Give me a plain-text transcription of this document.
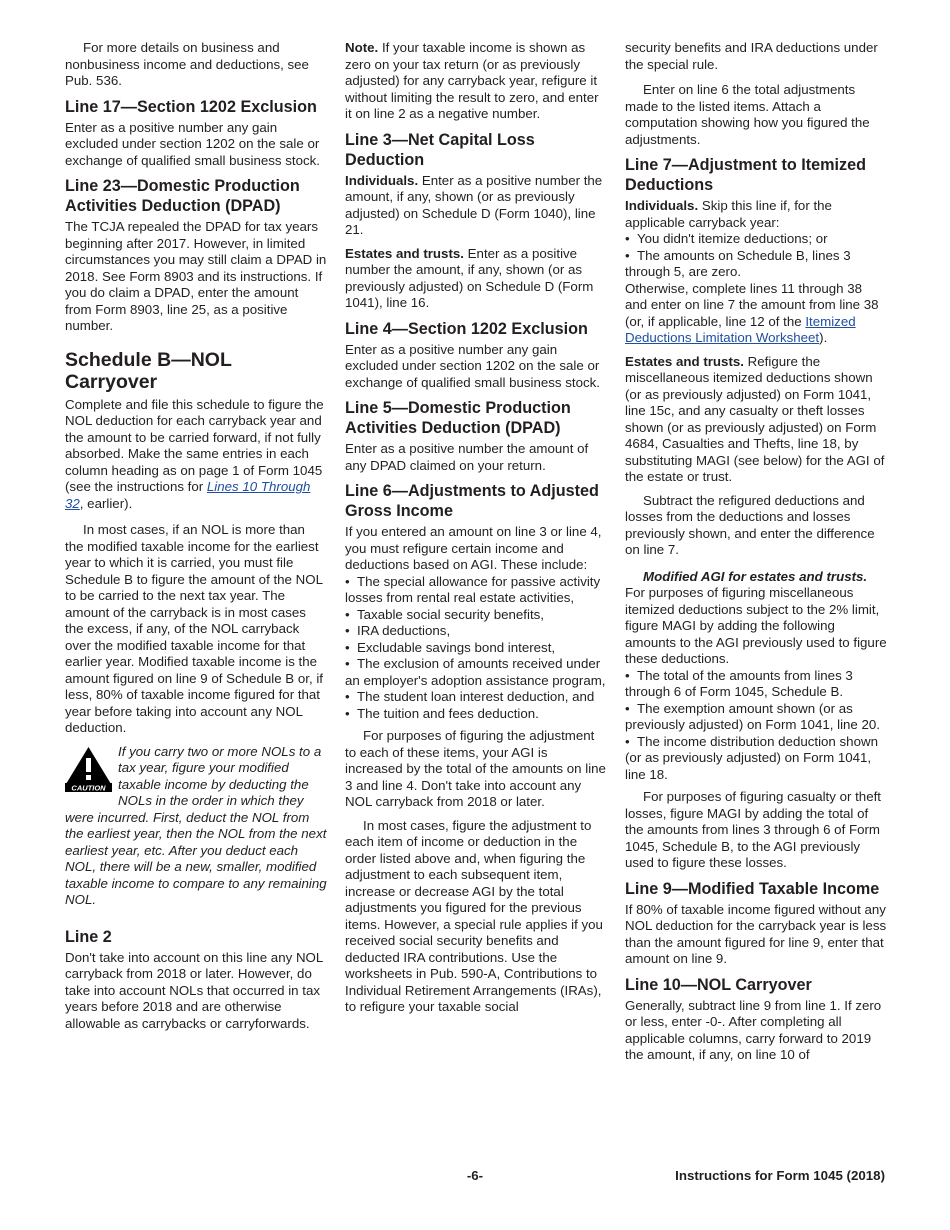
For more details on business and nonbusiness income and deductions, see Pub. 536.

Line 17—Section 1202 Exclusion

Enter as a positive number any gain excluded under section 1202 on the sale or exchange of qualified small business stock.

Line 23—Domestic Production Activities Deduction (DPAD)

The TCJA repealed the DPAD for tax years beginning after 2017. However, in limited circumstances you may still claim a DPAD in 2018. See Form 8903 and its instructions. If you do claim a DPAD, enter the amount from Form 8903, line 25, as a positive number.

Schedule B—NOL Carryover

Complete and file this schedule to figure the NOL deduction for each carryback year and the amount to be carried forward, if not fully absorbed. Make the same entries in each column heading as on page 1 of Form 1045 (see the instructions for Lines 10 Through 32, earlier).

In most cases, if an NOL is more than the modified taxable income for the earliest year to which it is carried, you must file Schedule B to figure the amount of the NOL to be carried to the next tax year. The amount of the carryback is in most cases the excess, if any, of the NOL carryback over the modified taxable income for that earlier year. Modified taxable income is the amount figured on line 9 of Schedule B or, if less, 80% of taxable income figured for that year before taking into account any NOL deduction.

CAUTION
If you carry two or more NOLs to a tax year, figure your modified taxable income by deducting the NOLs in the order in which they were incurred. First, deduct the NOL from the earliest year, then the NOL from the next earliest year, etc. After you deduct each NOL, there will be a new, smaller, modified taxable income to compare to any remaining NOL.
Line 2

Don't take into account on this line any NOL carryback from 2018 or later. However, do take into account NOLs that occurred in tax years before 2018 and are otherwise allowable as carrybacks or carryforwards.

Note. If your taxable income is shown as zero on your tax return (or as previously adjusted) for any carryback year, refigure it without limiting the result to zero, and enter it on line 2 as a negative number.

Line 3—Net Capital Loss Deduction

Individuals. Enter as a positive number the amount, if any, shown (or as previously adjusted) on Schedule D (Form 1040), line 21.

Estates and trusts. Enter as a positive number the amount, if any, shown (or as previously adjusted) on Schedule D (Form 1041), line 16.

Line 4—Section 1202 Exclusion

Enter as a positive number any gain excluded under section 1202 on the sale or exchange of qualified small business stock.

Line 5—Domestic Production Activities Deduction (DPAD)

Enter as a positive number the amount of any DPAD claimed on your return.

Line 6—Adjustments to Adjusted Gross Income

If you entered an amount on line 3 or line 4, you must refigure certain income and deductions based on AGI. These include:

• The special allowance for passive activity losses from rental real estate activities,
• Taxable social security benefits,
• IRA deductions,
• Excludable savings bond interest,
• The exclusion of amounts received under an employer's adoption assistance program,
• The student loan interest deduction, and
• The tuition and fees deduction.

For purposes of figuring the adjustment to each of these items, your AGI is increased by the total of the amounts on line 3 and line 4. Don't take into account any NOL carryback from 2018 or later.

In most cases, figure the adjustment to each item of income or deduction in the order listed above and, when figuring the adjustment to each subsequent item, increase or decrease AGI by the total adjustments you figured for the previous items. However, a special rule applies if you received social security benefits and deducted IRA contributions. Use the worksheets in Pub. 590-A, Contributions to Individual Retirement Arrangements (IRAs), to refigure your taxable social

security benefits and IRA deductions under the special rule.

Enter on line 6 the total adjustments made to the listed items. Attach a computation showing how you figured the adjustments.

Line 7—Adjustment to Itemized Deductions

Individuals. Skip this line if, for the applicable carryback year:

• You didn't itemize deductions; or
• The amounts on Schedule B, lines 3 through 5, are zero.

Otherwise, complete lines 11 through 38 and enter on line 7 the amount from line 38 (or, if applicable, line 12 of the Itemized Deductions Limitation Worksheet).

Estates and trusts. Refigure the miscellaneous itemized deductions shown (or as previously adjusted) on Form 1041, line 15c, and any casualty or theft losses shown (or as previously adjusted) on Form 4684, Casualties and Thefts, line 18, by substituting MAGI (see below) for the AGI of the estate or trust.

Subtract the refigured deductions and losses from the deductions and losses previously shown, and enter the difference on line 7.

Modified AGI for estates and trusts. For purposes of figuring miscellaneous itemized deductions subject to the 2% limit, figure MAGI by adding the following amounts to the AGI previously used to figure these deductions.

• The total of the amounts from lines 3 through 6 of Form 1045, Schedule B.
• The exemption amount shown (or as previously adjusted) on Form 1041, line 20.
• The income distribution deduction shown (or as previously adjusted) on Form 1041, line 18.

For purposes of figuring casualty or theft losses, figure MAGI by adding the total of the amounts from lines 3 through 6 of Form 1045, Schedule B, to the AGI previously used to figure these losses.

Line 9—Modified Taxable Income

If 80% of taxable income figured without any NOL deduction for the carryback year is less than the amount figured for line 9, enter that amount on line 9.

Line 10—NOL Carryover

Generally, subtract line 9 from line 1. If zero or less, enter -0-. After completing all applicable columns, carry forward to 2019 the amount, if any, on line 10 of

-6-	Instructions for Form 1045 (2018)
